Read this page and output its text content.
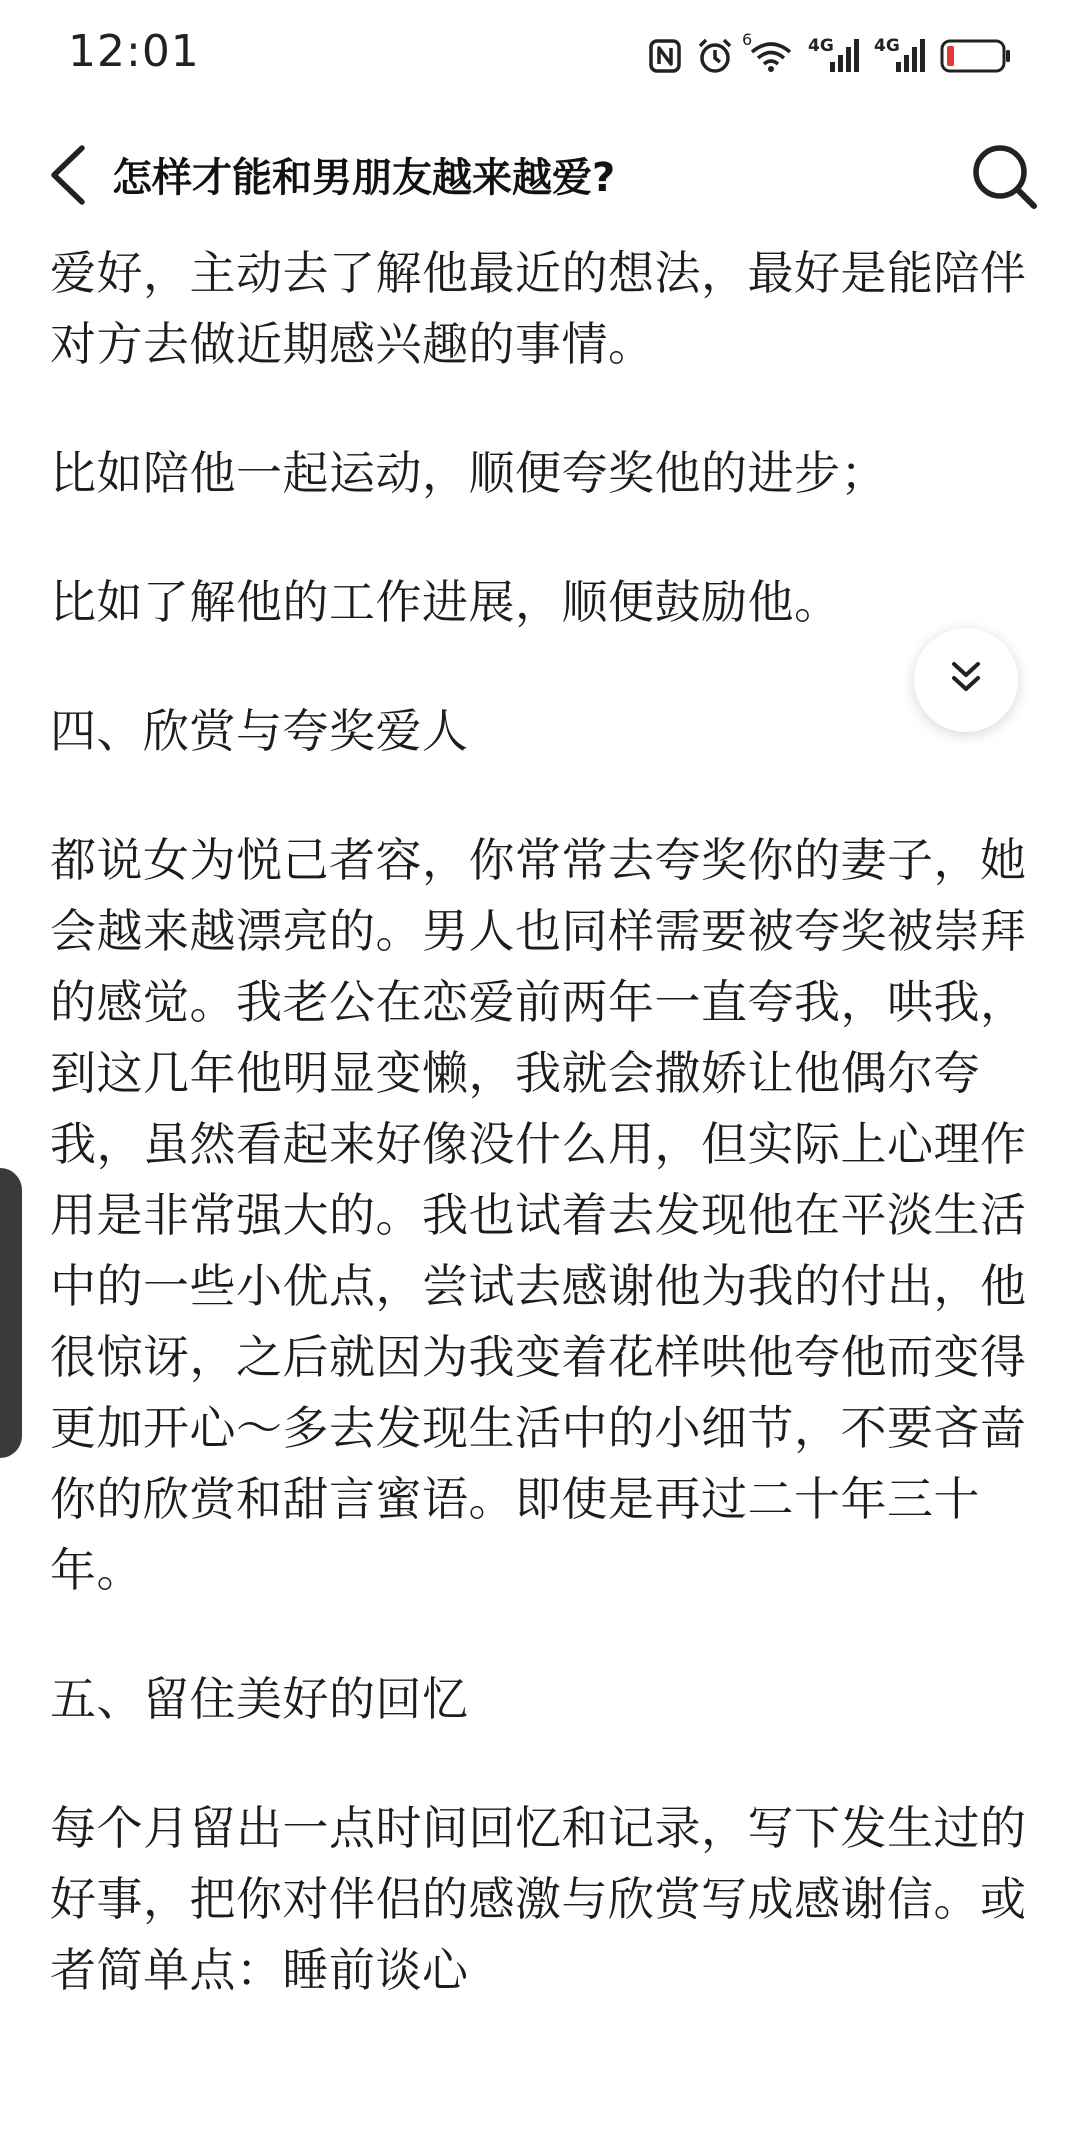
12:01	6	4G 4G
怎样才能和男朋友越来越爱?

爱好，主动去了解他最近的想法，最好是能陪伴对方去做近期感兴趣的事情。

比如陪他一起运动，顺便夸奖他的进步；

比如了解他的工作进展，顺便鼓励他。

四、欣赏与夸奖爱人

都说女为悦己者容，你常常去夸奖你的妻子，她会越来越漂亮的。男人也同样需要被夸奖被崇拜的感觉。我老公在恋爱前两年一直夸我，哄我，到这几年他明显变懒，我就会撒娇让他偶尔夸我，虽然看起来好像没什么用，但实际上心理作用是非常强大的。我也试着去发现他在平淡生活中的一些小优点，尝试去感谢他为我的付出，他很惊讶，之后就因为我变着花样哄他夸他而变得更加开心～多去发现生活中的小细节，不要吝啬你的欣赏和甜言蜜语。即使是再过二十年三十年。

五、留住美好的回忆

每个月留出一点时间回忆和记录，写下发生过的好事，把你对伴侣的感激与欣赏写成感谢信。或者简单点：睡前谈心
